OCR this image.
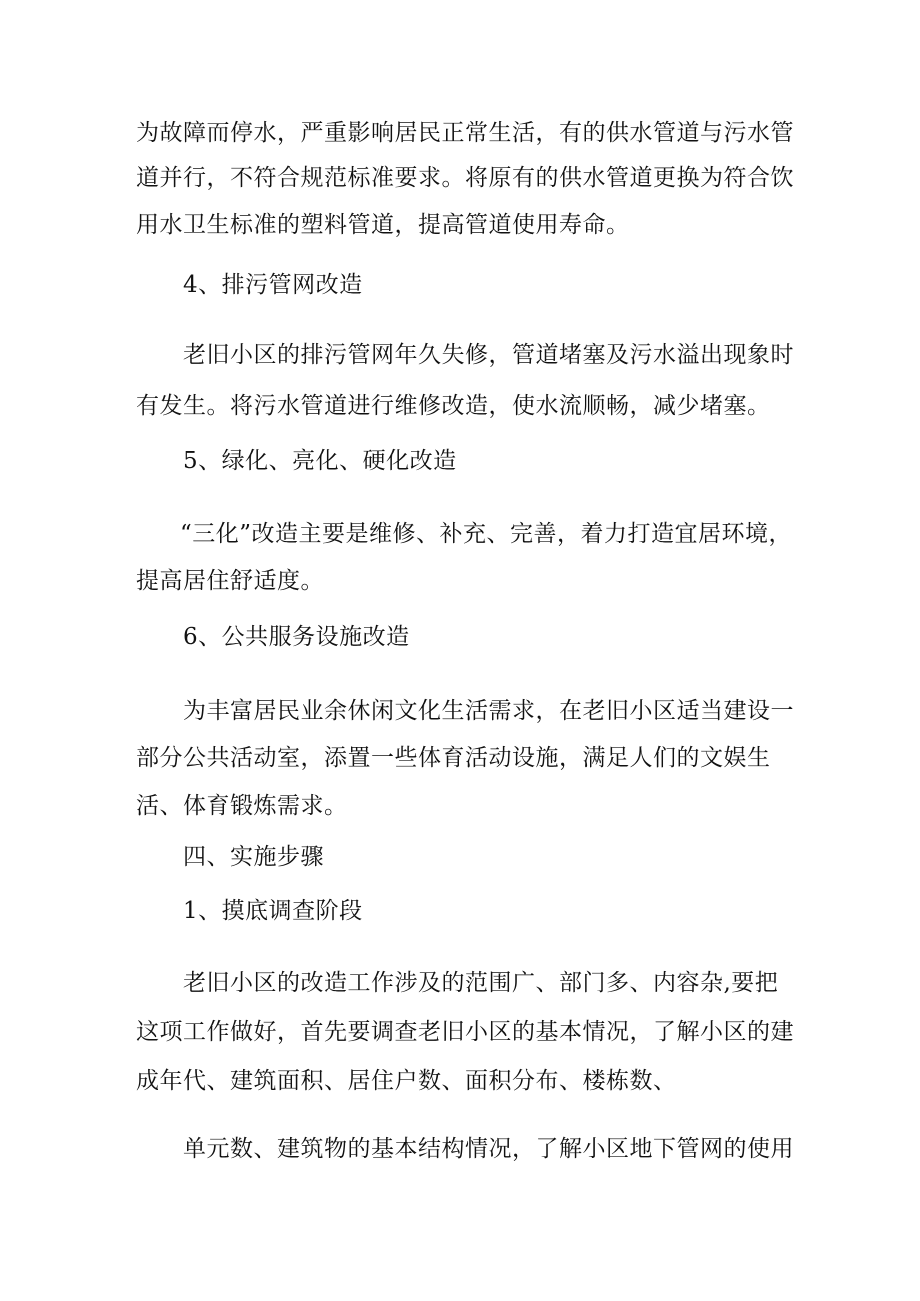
为故障而停水，严重影响居民正常生活，有的供水管道与污水管

道并行，不符合规范标准要求。将原有的供水管道更换为符合饮

用水卫生标准的塑料管道，提高管道使用寿命。

4、排污管网改造

老旧小区的排污管网年久失修，管道堵塞及污水溢出现象时

有发生。将污水管道进行维修改造，使水流顺畅，减少堵塞。

5、绿化、亮化、硬化改造

“三化”改造主要是维修、补充、完善，着力打造宜居环境，

提高居住舒适度。

6、公共服务设施改造

为丰富居民业余休闲文化生活需求，在老旧小区适当建设一

部分公共活动室，添置一些体育活动设施，满足人们的文娱生

活、体育锻炼需求。

四、实施步骤

1、摸底调查阶段

老旧小区的改造工作涉及的范围广、部门多、内容杂,要把

这项工作做好，首先要调查老旧小区的基本情况，了解小区的建

成年代、建筑面积、居住户数、面积分布、楼栋数、

单元数、建筑物的基本结构情况，了解小区地下管网的使用
